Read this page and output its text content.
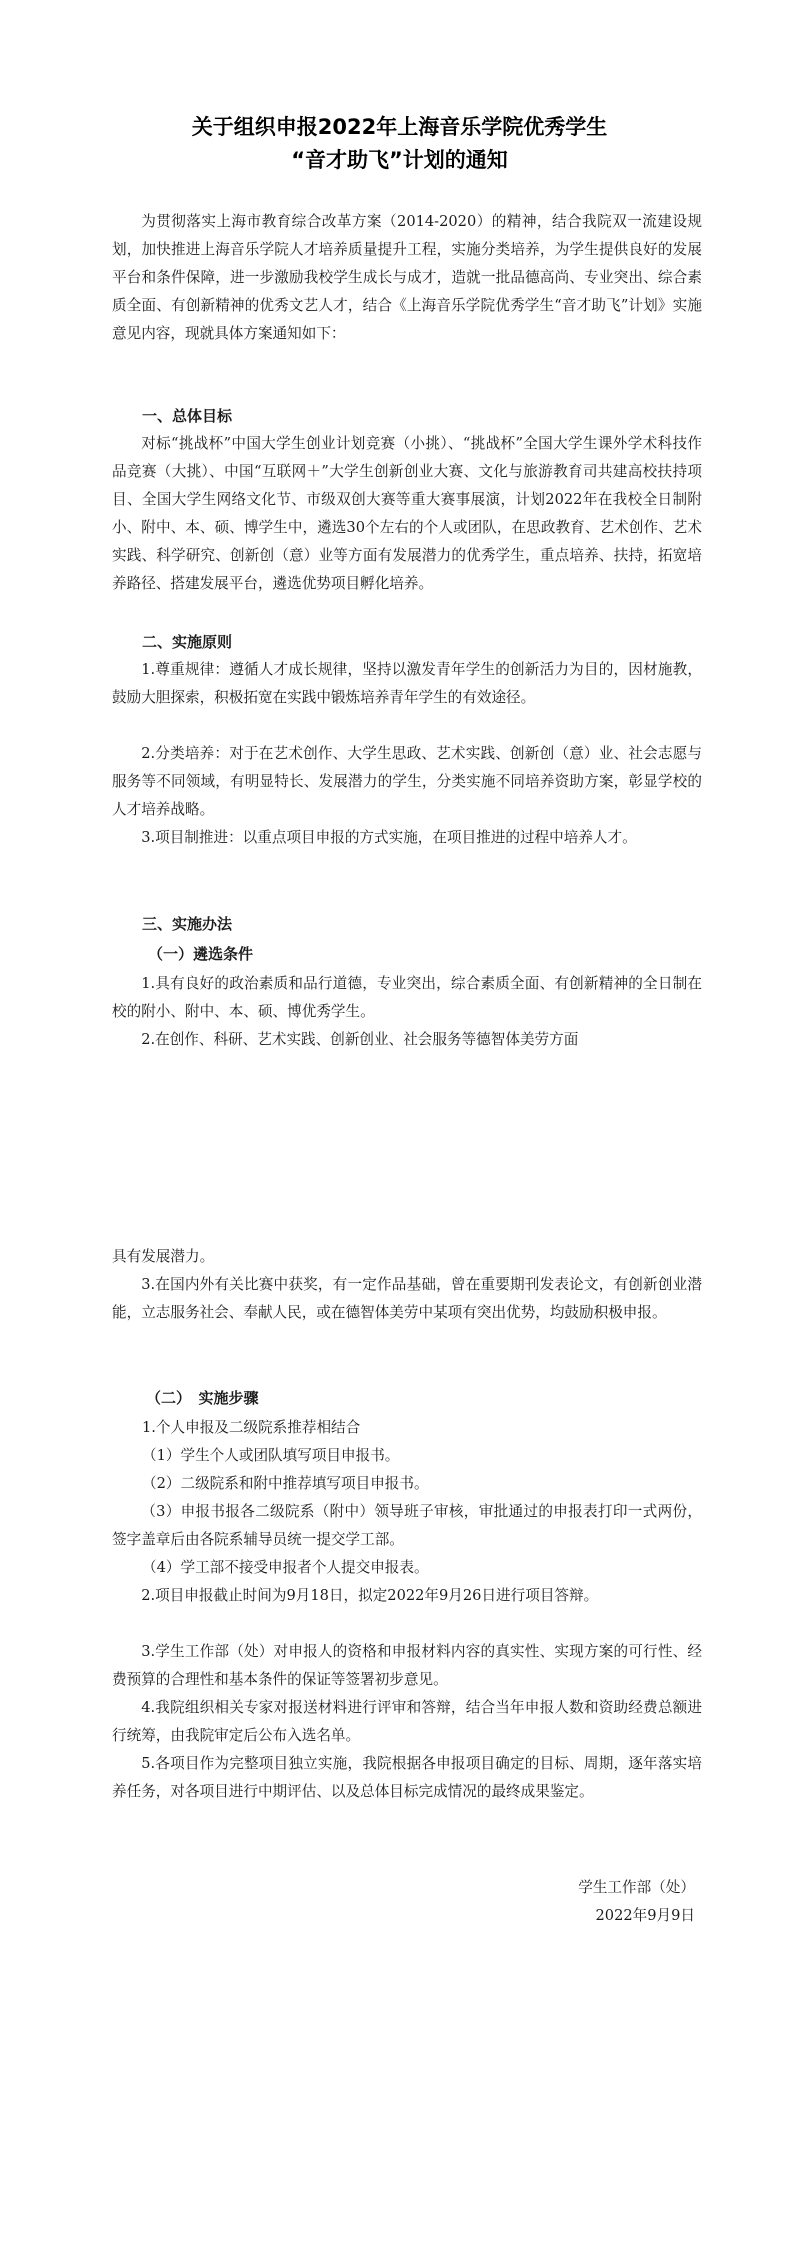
关于组织申报2022年上海音乐学院优秀学生
“音才助飞”计划的通知

为贯彻落实上海市教育综合改革方案（2014-2020）的精神，结合我院双一流建设规划，加快推进上海音乐学院人才培养质量提升工程，实施分类培养，为学生提供良好的发展平台和条件保障，进一步激励我校学生成长与成才，造就一批品德高尚、专业突出、综合素质全面、有创新精神的优秀文艺人才，结合《上海音乐学院优秀学生“音才助飞”计划》实施意见内容，现就具体方案通知如下：

一、总体目标

对标“挑战杯”中国大学生创业计划竞赛（小挑）、“挑战杯”全国大学生课外学术科技作品竞赛（大挑）、中国“互联网＋”大学生创新创业大赛、文化与旅游教育司共建高校扶持项目、全国大学生网络文化节、市级双创大赛等重大赛事展演，计划2022年在我校全日制附小、附中、本、硕、博学生中，遴选30个左右的个人或团队，在思政教育、艺术创作、艺术实践、科学研究、创新创（意）业等方面有发展潜力的优秀学生，重点培养、扶持，拓宽培养路径、搭建发展平台，遴选优势项目孵化培养。

二、实施原则

1.尊重规律：遵循人才成长规律，坚持以激发青年学生的创新活力为目的，因材施教，鼓励大胆探索，积极拓宽在实践中锻炼培养青年学生的有效途径。

2.分类培养：对于在艺术创作、大学生思政、艺术实践、创新创（意）业、社会志愿与服务等不同领域，有明显特长、发展潜力的学生，分类实施不同培养资助方案，彰显学校的人才培养战略。

3.项目制推进：以重点项目申报的方式实施，在项目推进的过程中培养人才。

三、实施办法

（一）遴选条件

1.具有良好的政治素质和品行道德，专业突出，综合素质全面、有创新精神的全日制在校的附小、附中、本、硕、博优秀学生。

2.在创作、科研、艺术实践、创新创业、社会服务等德智体美劳方面

具有发展潜力。

3.在国内外有关比赛中获奖，有一定作品基础，曾在重要期刊发表论文，有创新创业潜能，立志服务社会、奉献人民，或在德智体美劳中某项有突出优势，均鼓励积极申报。

（二）　实施步骤

1.个人申报及二级院系推荐相结合

（1）学生个人或团队填写项目申报书。

（2）二级院系和附中推荐填写项目申报书。

（3）申报书报各二级院系（附中）领导班子审核，审批通过的申报表打印一式两份，签字盖章后由各院系辅导员统一提交学工部。

（4）学工部不接受申报者个人提交申报表。

2.项目申报截止时间为9月18日，拟定2022年9月26日进行项目答辩。

3.学生工作部（处）对申报人的资格和申报材料内容的真实性、实现方案的可行性、经费预算的合理性和基本条件的保证等签署初步意见。

4.我院组织相关专家对报送材料进行评审和答辩，结合当年申报人数和资助经费总额进行统筹，由我院审定后公布入选名单。

5.各项目作为完整项目独立实施，我院根据各申报项目确定的目标、周期，逐年落实培养任务，对各项目进行中期评估、以及总体目标完成情况的最终成果鉴定。

学生工作部（处）
2022年9月9日
